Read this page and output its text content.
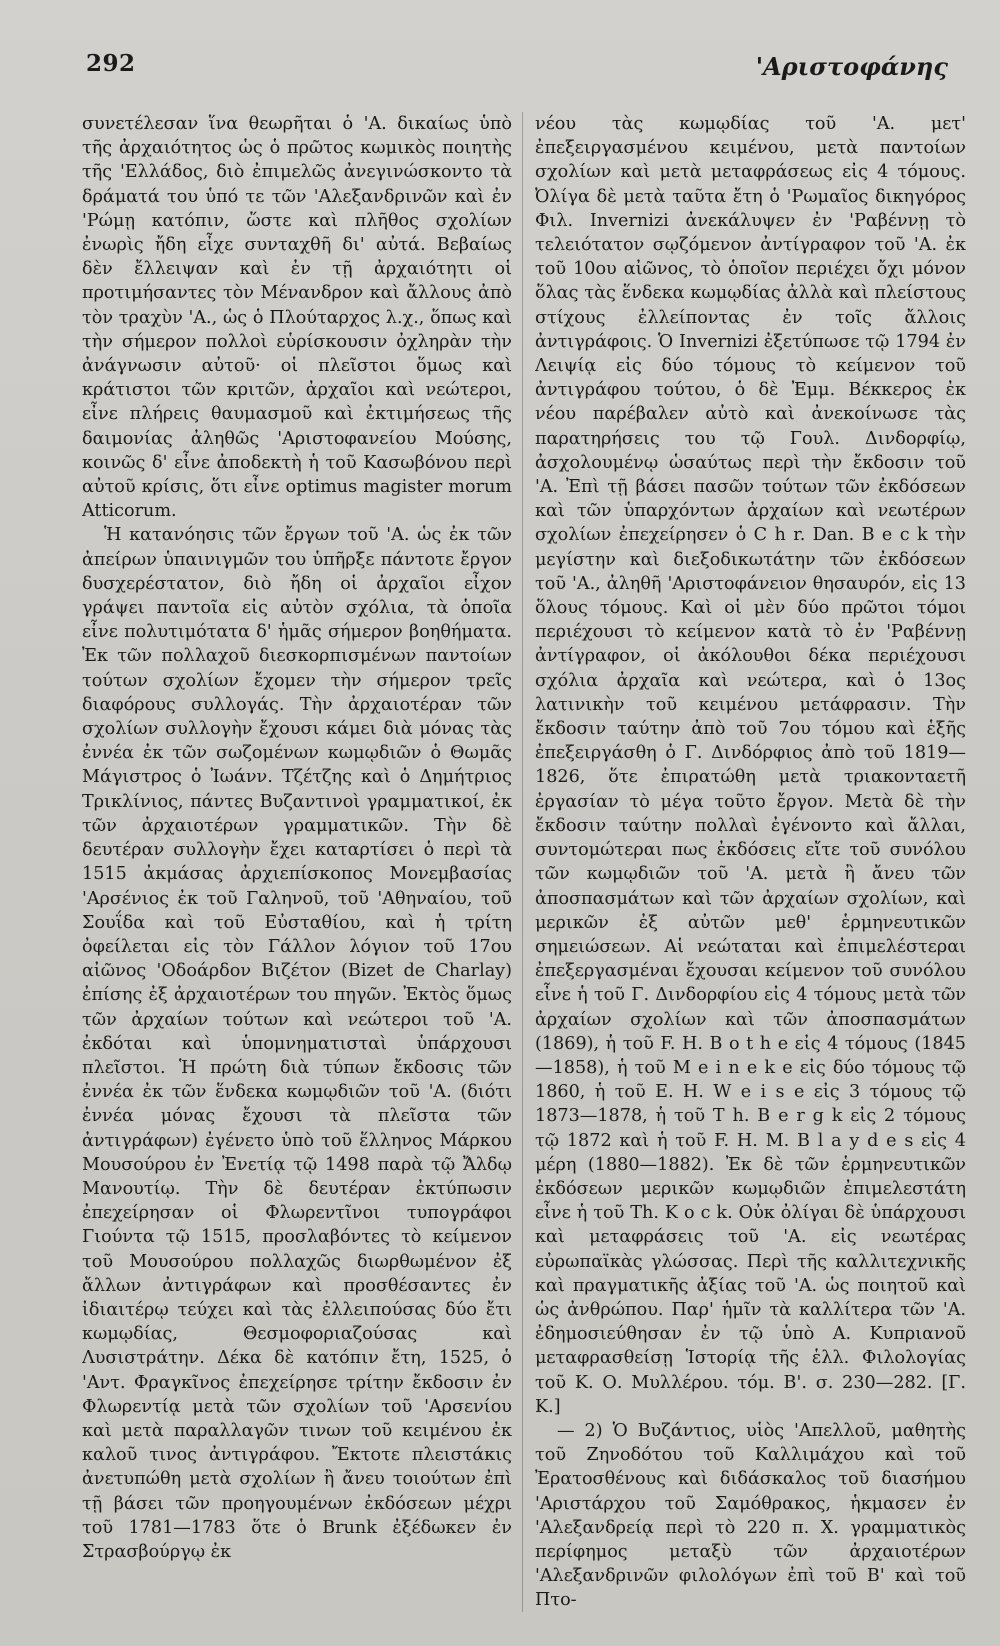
292	'Αριστοφάνης

συνετέλεσαν ἵνα θεωρῆται ὁ 'Α. δικαίως ὑπὸ τῆς ἀρχαιότητος ὡς ὁ πρῶτος κωμικὸς ποιητὴς τῆς 'Ελλάδος, διὸ ἐπιμελῶς ἀνεγινώσκοντο τὰ δράματά του ὑπό τε τῶν 'Αλεξανδρινῶν καὶ ἐν 'Ρώμῃ κατόπιν, ὥστε καὶ πλῆθος σχολίων ἐνωρὶς ἤδη εἶχε συνταχθῆ δι' αὐτά. Βεβαίως δὲν ἔλλειψαν καὶ ἐν τῇ ἀρχαιότητι οἱ προτιμήσαντες τὸν Μένανδρον καὶ ἄλλους ἀπὸ τὸν τραχὺν 'Α., ὡς ὁ Πλούταρχος λ.χ., ὅπως καὶ τὴν σήμερον πολλοὶ εὑρίσκουσιν ὀχληρὰν τὴν ἀνάγνωσιν αὐτοῦ· οἱ πλεῖστοι ὅμως καὶ κράτιστοι τῶν κριτῶν, ἀρχαῖοι καὶ νεώτεροι, εἶνε πλήρεις θαυμασμοῦ καὶ ἐκτιμήσεως τῆς δαιμονίας ἀληθῶς 'Αριστοφανείου Μούσης, κοινῶς δ' εἶνε ἀποδεκτὴ ἡ τοῦ Κασωβόνου περὶ αὐτοῦ κρίσις, ὅτι εἶνε optimus magister morum Atticorum.

Ἡ κατανόησις τῶν ἔργων τοῦ 'Α. ὡς ἐκ τῶν ἀπείρων ὑπαινιγμῶν του ὑπῆρξε πάντοτε ἔργον δυσχερέστατον, διὸ ἤδη οἱ ἀρχαῖοι εἶχον γράψει παντοῖα εἰς αὐτὸν σχόλια, τὰ ὁποῖα εἶνε πολυτιμότατα δ' ἡμᾶς σήμερον βοηθήματα. Ἐκ τῶν πολλαχοῦ διεσκορπισμένων παντοίων τούτων σχολίων ἔχομεν τὴν σήμερον τρεῖς διαφόρους συλλογάς. Τὴν ἀρχαιοτέραν τῶν σχολίων συλλογὴν ἔχουσι κάμει διὰ μόνας τὰς ἐννέα ἐκ τῶν σωζομένων κωμῳδιῶν ὁ Θωμᾶς Μάγιστρος ὁ Ἰωάνν. Τζέτζης καὶ ὁ Δημήτριος Τρικλίνιος, πάντες Βυζαντινοὶ γραμματικοί, ἐκ τῶν ἀρχαιοτέρων γραμματικῶν. Τὴν δὲ δευτέραν συλλογὴν ἔχει καταρτίσει ὁ περὶ τὰ 1515 ἀκμάσας ἀρχιεπίσκοπος Μονεμβασίας 'Αρσένιος ἐκ τοῦ Γαληνοῦ, τοῦ 'Αθηναίου, τοῦ Σουΐδα καὶ τοῦ Εὐσταθίου, καὶ ἡ τρίτη ὀφείλεται εἰς τὸν Γάλλον λόγιον τοῦ 17ου αἰῶνος 'Οδοάρδον Βιζέτον (Bizet de Charlay) ἐπίσης ἐξ ἀρχαιοτέρων του πηγῶν. Ἐκτὸς ὅμως τῶν ἀρχαίων τούτων καὶ νεώτεροι τοῦ 'Α. ἐκδόται καὶ ὑπομνηματισταὶ ὑπάρχουσι πλεῖστοι. Ἡ πρώτη διὰ τύπων ἔκδοσις τῶν ἐννέα ἐκ τῶν ἕνδεκα κωμῳδιῶν τοῦ 'Α. (διότι ἐννέα μόνας ἔχουσι τὰ πλεῖστα τῶν ἀντιγράφων) ἐγένετο ὑπὸ τοῦ ἕλληνος Μάρκου Μουσούρου ἐν Ἐνετίᾳ τῷ 1498 παρὰ τῷ Ἄλδῳ Μανουτίῳ. Τὴν δὲ δευτέραν ἐκτύπωσιν ἐπεχείρησαν οἱ Φλωρεντῖνοι τυπογράφοι Γιούντα τῷ 1515, προσλαβόντες τὸ κείμενον τοῦ Μουσούρου πολλαχῶς διωρθωμένον ἐξ ἄλλων ἀντιγράφων καὶ προσθέσαντες ἐν ἰδιαιτέρῳ τεύχει καὶ τὰς ἐλλειπούσας δύο ἔτι κωμῳδίας, Θεσμοφοριαζούσας καὶ Λυσιστράτην. Δέκα δὲ κατόπιν ἔτη, 1525, ὁ 'Αντ. Φραγκῖνος ἐπεχείρησε τρίτην ἔκδοσιν ἐν Φλωρεντίᾳ μετὰ τῶν σχολίων τοῦ 'Αρσενίου καὶ μετὰ παραλλαγῶν τινων τοῦ κειμένου ἐκ καλοῦ τινος ἀντιγράφου. Ἔκτοτε πλειστάκις ἀνετυπώθη μετὰ σχολίων ἢ ἄνευ τοιούτων ἐπὶ τῇ βάσει τῶν προηγουμένων ἐκδόσεων μέχρι τοῦ 1781—1783 ὅτε ὁ Brunk ἐξέδωκεν ἐν Στρασβούργῳ ἐκ

νέου τὰς κωμῳδίας τοῦ 'Α. μετ' ἐπεξειργασμένου κειμένου, μετὰ παντοίων σχολίων καὶ μετὰ μεταφράσεως εἰς 4 τόμους. Ὀλίγα δὲ μετὰ ταῦτα ἔτη ὁ 'Ρωμαῖος δικηγόρος Φιλ. Invernizi ἀνεκάλυψεν ἐν 'Ραβέννῃ τὸ τελειότατον σῳζόμενον ἀντίγραφον τοῦ 'Α. ἐκ τοῦ 10ου αἰῶνος, τὸ ὁποῖον περιέχει ὄχι μόνον ὅλας τὰς ἕνδεκα κωμῳδίας ἀλλὰ καὶ πλείστους στίχους ἐλλείποντας ἐν τοῖς ἄλλοις ἀντιγράφοις. Ὁ Invernizi ἐξετύπωσε τῷ 1794 ἐν Λειψίᾳ εἰς δύο τόμους τὸ κείμενον τοῦ ἀντιγράφου τούτου, ὁ δὲ Ἐμμ. Βέκκερος ἐκ νέου παρέβαλεν αὐτὸ καὶ ἀνεκοίνωσε τὰς παρατηρήσεις του τῷ Γουλ. Δινδορφίῳ, ἀσχολουμένῳ ὡσαύτως περὶ τὴν ἔκδοσιν τοῦ 'Α. Ἐπὶ τῇ βάσει πασῶν τούτων τῶν ἐκδόσεων καὶ τῶν ὑπαρχόντων ἀρχαίων καὶ νεωτέρων σχολίων ἐπεχείρησεν ὁ C h r. Dan. B e c k τὴν μεγίστην καὶ διεξοδικωτάτην τῶν ἐκδόσεων τοῦ 'Α., ἀληθῆ 'Αριστοφάνειον θησαυρόν, εἰς 13 ὅλους τόμους. Καὶ οἱ μὲν δύο πρῶτοι τόμοι περιέχουσι τὸ κείμενον κατὰ τὸ ἐν 'Ραβέννῃ ἀντίγραφον, οἱ ἀκόλουθοι δέκα περιέχουσι σχόλια ἀρχαῖα καὶ νεώτερα, καὶ ὁ 13ος λατινικὴν τοῦ κειμένου μετάφρασιν. Τὴν ἔκδοσιν ταύτην ἀπὸ τοῦ 7ου τόμου καὶ ἑξῆς ἐπεξειργάσθη ὁ Γ. Δινδόρφιος ἀπὸ τοῦ 1819—1826, ὅτε ἐπιρατώθη μετὰ τριακονταετῆ ἐργασίαν τὸ μέγα τοῦτο ἔργον. Μετὰ δὲ τὴν ἔκδοσιν ταύτην πολλαὶ ἐγένοντο καὶ ἄλλαι, συντομώτεραι πως ἐκδόσεις εἴτε τοῦ συνόλου τῶν κωμῳδιῶν τοῦ 'Α. μετὰ ἢ ἄνευ τῶν ἀποσπασμάτων καὶ τῶν ἀρχαίων σχολίων, καὶ μερικῶν ἐξ αὐτῶν μεθ' ἑρμηνευτικῶν σημειώσεων. Αἱ νεώταται καὶ ἐπιμελέστεραι ἐπεξεργασμέναι ἔχουσαι κείμενον τοῦ συνόλου εἶνε ἡ τοῦ Γ. Δινδορφίου εἰς 4 τόμους μετὰ τῶν ἀρχαίων σχολίων καὶ τῶν ἀποσπασμάτων (1869), ἡ τοῦ F. H. B o t h e εἰς 4 τόμους (1845—1858), ἡ τοῦ M e i n e k e εἰς δύο τόμους τῷ 1860, ἡ τοῦ E. H. W e i s e εἰς 3 τόμους τῷ 1873—1878, ἡ τοῦ T h. B e r g k εἰς 2 τόμους τῷ 1872 καὶ ἡ τοῦ F. H. M. B l a y d e s εἰς 4 μέρη (1880—1882). Ἐκ δὲ τῶν ἑρμηνευτικῶν ἐκδόσεων μερικῶν κωμῳδιῶν ἐπιμελεστάτη εἶνε ἡ τοῦ Th. K o c k. Οὐκ ὀλίγαι δὲ ὑπάρχουσι καὶ μεταφράσεις τοῦ 'Α. εἰς νεωτέρας εὐρωπαϊκὰς γλώσσας. Περὶ τῆς καλλιτεχνικῆς καὶ πραγματικῆς ἀξίας τοῦ 'Α. ὡς ποιητοῦ καὶ ὡς ἀνθρώπου. Παρ' ἡμῖν τὰ καλλίτερα τῶν 'Α. ἐδημοσιεύθησαν ἐν τῷ ὑπὸ Α. Κυπριανοῦ μεταφρασθείσῃ Ἱστορίᾳ τῆς ἑλλ. Φιλολογίας τοῦ Κ. Ο. Μυλλέρου. τόμ. Β'. σ. 230—282. [Γ. Κ.]

— 2) Ὁ Βυζάντιος, υἱὸς 'Απελλοῦ, μαθητὴς τοῦ Ζηνοδότου τοῦ Καλλιμάχου καὶ τοῦ Ἐρατοσθένους καὶ διδάσκαλος τοῦ διασήμου 'Αριστάρχου τοῦ Σαμόθρακος, ἡκμασεν ἐν 'Αλεξανδρείᾳ περὶ τὸ 220 π. Χ. γραμματικὸς περίφημος μεταξὺ τῶν ἀρχαιοτέρων 'Αλεξανδρινῶν φιλολόγων ἐπὶ τοῦ Β' καὶ τοῦ Πτο-
